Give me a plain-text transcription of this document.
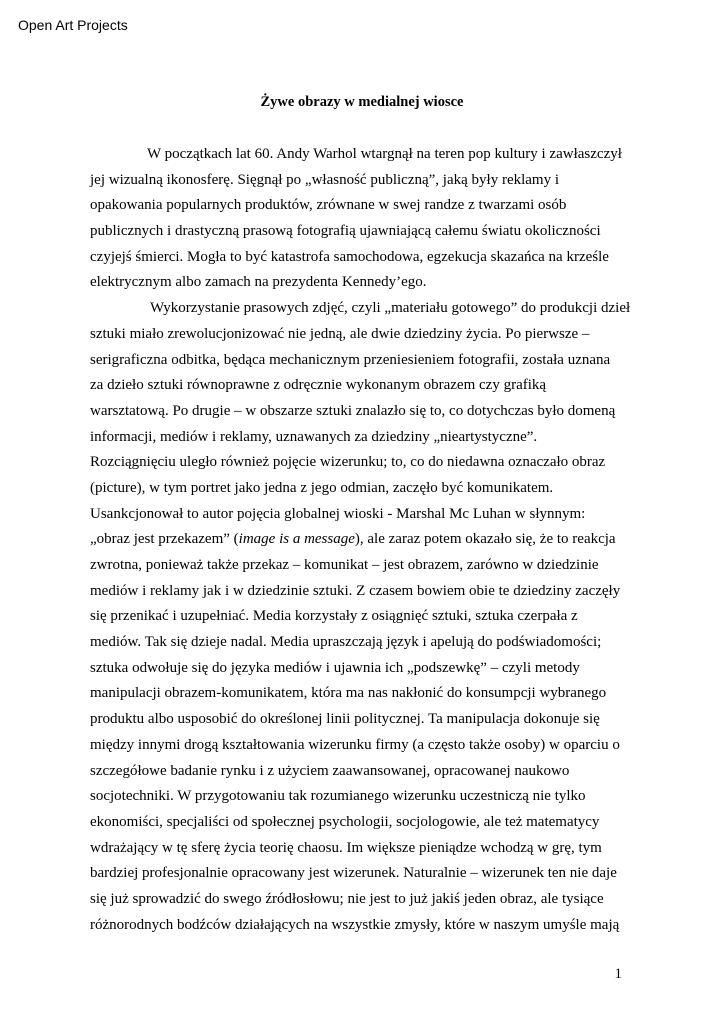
Open Art Projects
Żywe obrazy w medialnej wiosce
W początkach lat 60. Andy Warhol wtargnął na teren pop kultury i zawłaszczył
jej wizualną ikonosferę. Sięgnął po „własność publiczną”, jaką były reklamy i
opakowania popularnych produktów, zrównane w swej randze z twarzami osób
publicznych i drastyczną prasową fotografią ujawniającą całemu światu okoliczności
czyjejś śmierci. Mogła to być katastrofa samochodowa, egzekucja skazańca na krześle
elektrycznym albo zamach na prezydenta Kennedy’ego.
Wykorzystanie prasowych zdjęć, czyli „materiału gotowego” do produkcji dzieł
sztuki miało zrewolucjonizować nie jedną, ale dwie dziedziny życia. Po pierwsze –
serigraficzna odbitka, będąca mechanicznym przeniesieniem fotografii, została uznana
za dzieło sztuki równoprawne z odręcznie wykonanym obrazem czy grafiką
warsztatową. Po drugie – w obszarze sztuki znalazło się to, co dotychczas było domeną
informacji, mediów i reklamy, uznawanych za dziedziny „nieartystyczne”.
Rozciągnięciu uległo również pojęcie wizerunku; to, co do niedawna oznaczało obraz
(picture), w tym portret jako jedna z jego odmian, zaczęło być komunikatem.
Usankcjonował to autor pojęcia globalnej wioski - Marshal Mc Luhan w słynnym:
„obraz jest przekazem” (image is a message), ale zaraz potem okazało się, że to reakcja
zwrotna, ponieważ także przekaz – komunikat – jest obrazem, zarówno w dziedzinie
mediów i reklamy jak i w dziedzinie sztuki. Z czasem bowiem obie te dziedziny zaczęły
się przenikać i uzupełniać. Media korzystały z osiągnięć sztuki, sztuka czerpała z
mediów. Tak się dzieje nadal. Media upraszczają język i apelują do podświadomości;
sztuka odwołuje się do języka mediów i ujawnia ich „podszewkę” – czyli metody
manipulacji obrazem-komunikatem, która ma nas nakłonić do konsumpcji wybranego
produktu albo usposobić do określonej linii politycznej. Ta manipulacja dokonuje się
między innymi drogą kształtowania wizerunku firmy (a często także osoby) w oparciu o
szczegółowe badanie rynku i z użyciem zaawansowanej, opracowanej naukowo
socjotechniki. W przygotowaniu tak rozumianego wizerunku uczestniczą nie tylko
ekonomiści, specjaliści od społecznej psychologii, socjologowie, ale też matematycy
wdrażający w tę sferę życia teorię chaosu. Im większe pieniądze wchodzą w grę, tym
bardziej profesjonalnie opracowany jest wizerunek. Naturalnie – wizerunek ten nie daje
się już sprowadzić do swego źródłosłowu; nie jest to już jakiś jeden obraz, ale tysiące
różnorodnych bodźców działających na wszystkie zmysły, które w naszym umyśle mają
1
